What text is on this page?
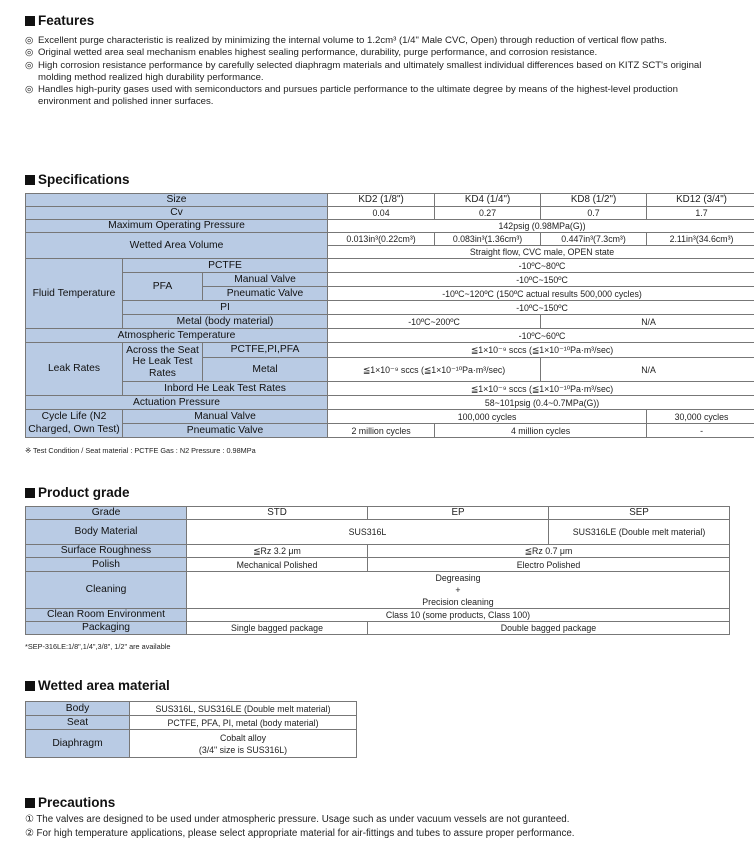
Features
◎ Excellent purge characteristic is realized by minimizing the internal volume to 1.2cm³ (1/4" Male CVC, Open) through reduction of vertical flow paths.
◎ Original wetted area seal mechanism enables highest sealing performance, durability, purge performance, and corrosion resistance.
◎ High corrosion resistance performance by carefully selected diaphragm materials and ultimately smallest individual differences based on KITZ SCT's original molding method realized high durability performance.
◎ Handles high-purity gases used with semiconductors and pursues particle performance to the ultimate degree by means of the highest-level production environment and polished inner surfaces.
Specifications
Size			KD2 (1/8")	KD4 (1/4")	KD8 (1/2")	KD12 (3/4")
Cv			0.04	0.27	0.7	1.7
Maximum Operating Pressure			142psig (0.98MPa(G))			
Wetted Area Volume			0.013in³(0.22cm³)	0.083in³(1.36cm³)	0.447in³(7.3cm³)	2.11in³(34.6cm³)
			Straight flow, CVC male, OPEN state			
Fluid Temperature	PCTFE		-10ºC~80ºC			
	PFA	Manual Valve	-10ºC~150ºC			
		Pneumatic Valve	-10ºC~120ºC (150ºC actual results 500,000 cycles)			
	PI		-10ºC~150ºC			
	Metal (body material)		-10ºC~200ºC		N/A	
Atmospheric Temperature			-10ºC~60ºC			
Leak Rates	Across the Seat He Leak Test Rates	PCTFE,PI,PFA	≦1×10⁻⁹ sccs (≦1×10⁻¹⁰Pa·m³/sec)			
		Metal	≦1×10⁻⁹ sccs (≦1×10⁻¹⁰Pa·m³/sec)		N/A	
	Inbord He Leak Test Rates		≦1×10⁻⁹ sccs (≦1×10⁻¹⁰Pa·m³/sec)			
Actuation Pressure			58~101psig (0.4~0.7MPa(G))			
Cycle Life (N2 Charged, Own Test)	Manual Valve		100,000 cycles			30,000 cycles
	Pneumatic Valve		2 million cycles	4 million cycles		-
※ Test Condition / Seat material : PCTFE Gas : N2 Pressure : 0.98MPa
Product grade
Grade	STD	EP	SEP
Body Material	SUS316L		SUS316LE (Double melt material)
Surface Roughness	≦Rz 3.2 μm	≦Rz 0.7 μm	
Polish	Mechanical Polished	Electro Polished	
Cleaning	Degreasing
+
Precision cleaning		

Clean Room Environment	Class 10 (some products, Class 100)		
Packaging	Single bagged package	Double bagged package	
*SEP-316LE:1/8",1/4",3/8", 1/2" are available
Wetted area material
Body	SUS316L, SUS316LE (Double melt material)
Seat	PCTFE, PFA, PI, metal (body material)
Diaphragm	Cobalt alloy
(3/4" size is SUS316L)
Precautions
① The valves are designed to be used under atmospheric pressure. Usage such as under vacuum vessels are not guranteed.
② For high temperature applications, please select appropriate material for air-fittings and tubes to assure proper performance.
